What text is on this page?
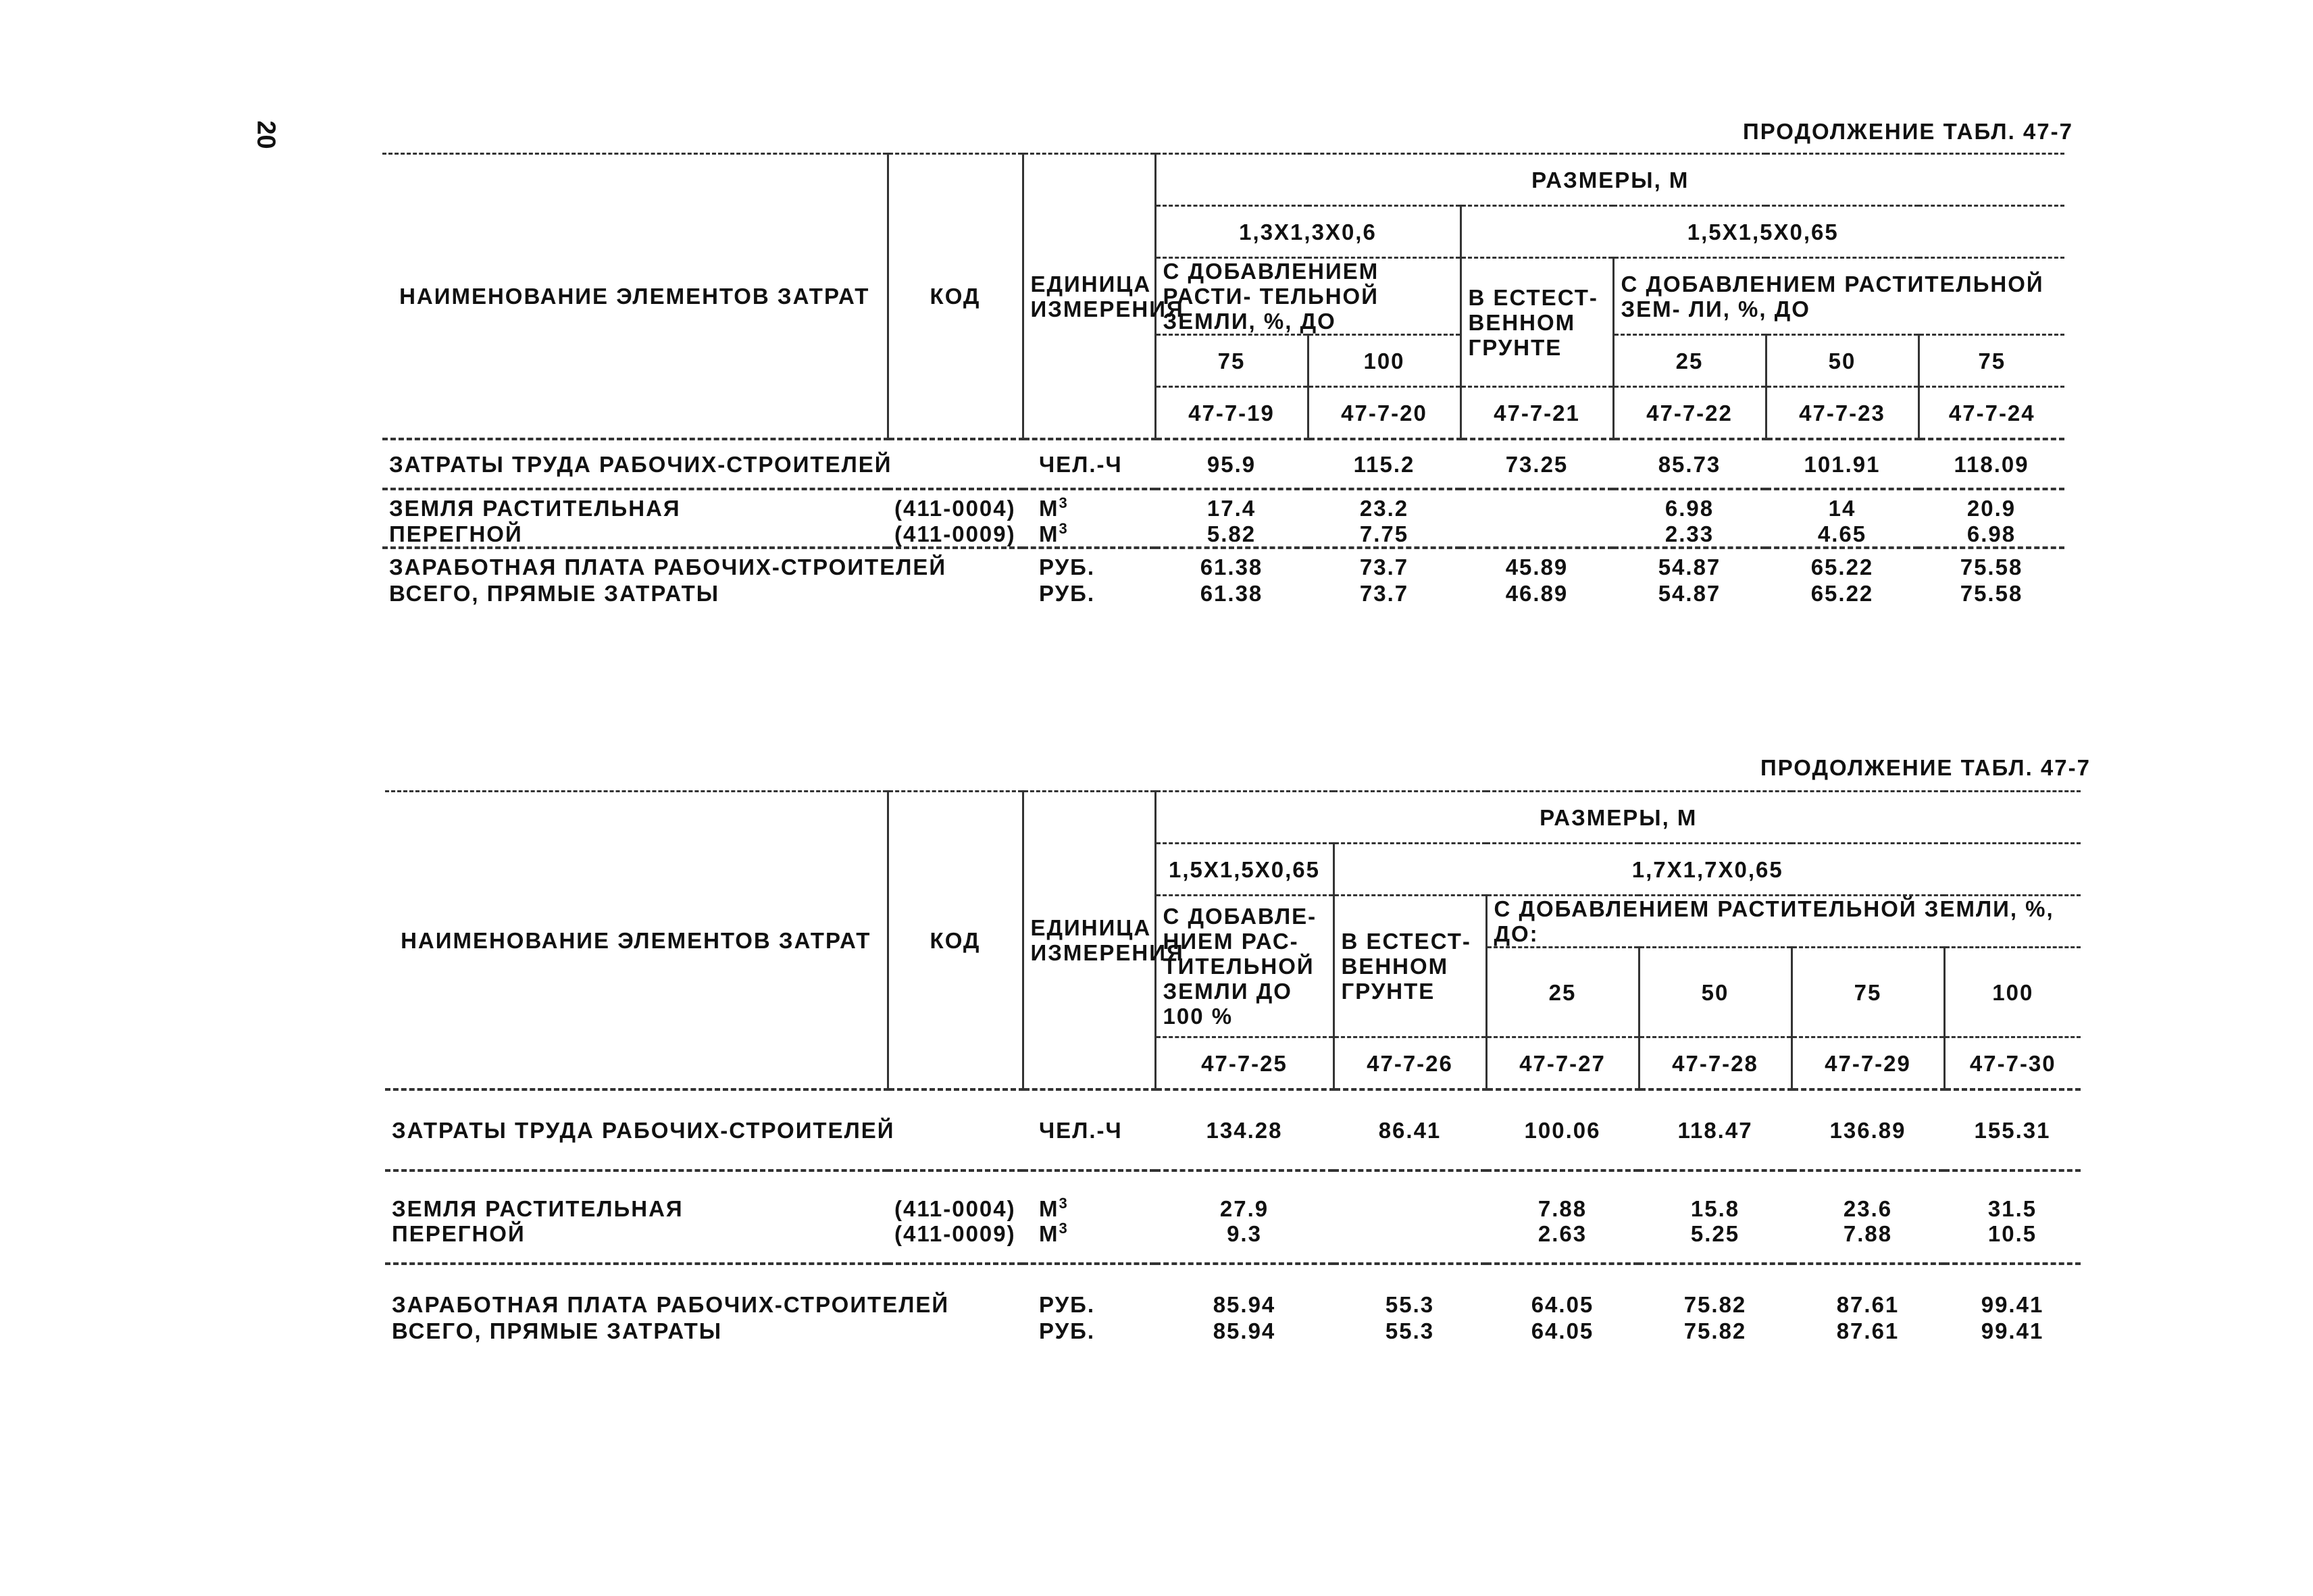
20	ПРОДОЛЖЕНИЕ ТАБЛ. 47-7
НАИМЕНОВАНИЕ ЭЛЕМЕНТОВ ЗАТРАТ	КОД	ЕДИНИЦА ИЗМЕРЕНИЯ	РАЗМЕРЫ, М					
			1,3Х1,3Х0,6		1,5Х1,5Х0,65			
			С ДОБАВЛЕНИЕМ РАСТИ- ТЕЛЬНОЙ ЗЕМЛИ, %, ДО		В ЕСТЕСТ- ВЕННОМ ГРУНТЕ	С ДОБАВЛЕНИЕМ РАСТИТЕЛЬНОЙ ЗЕМ- ЛИ, %, ДО		
			75	100		25	50	75
			47-7-19	47-7-20	47-7-21	47-7-22	47-7-23	47-7-24
ЗАТРАТЫ ТРУДА РАБОЧИХ-СТРОИТЕЛЕЙ		ЧЕЛ.-Ч	95.9	115.2	73.25	85.73	101.91	118.09
ЗЕМЛЯ РАСТИТЕЛЬНАЯ	(411-0004)	$М^3$	17.4	23.2		6.98	14	20.9
ПЕРЕГНОЙ	(411-0009)	$М^3$	5.82	7.75		2.33	4.65	6.98
ЗАРАБОТНАЯ ПЛАТА РАБОЧИХ-СТРОИТЕЛЕЙ		РУБ.	61.38	73.7	45.89	54.87	65.22	75.58
ВСЕГО, ПРЯМЫЕ ЗАТРАТЫ		РУБ.	61.38	73.7	46.89	54.87	65.22	75.58
ПРОДОЛЖЕНИЕ ТАБЛ. 47-7
НАИМЕНОВАНИЕ ЭЛЕМЕНТОВ ЗАТРАТ	КОД	ЕДИНИЦА ИЗМЕРЕНИЯ	РАЗМЕРЫ, М					
			1,5Х1,5Х0,65	1,7Х1,7Х0,65				
			С ДОБАВЛЕ- НИЕМ РАС- ТИТЕЛЬНОЙ ЗЕМЛИ ДО 100 %	В ЕСТЕСТ- ВЕННОМ ГРУНТЕ	С ДОБАВЛЕНИЕМ РАСТИТЕЛЬНОЙ ЗЕМЛИ, %, ДО:			
					25	50	75	100
			47-7-25	47-7-26	47-7-27	47-7-28	47-7-29	47-7-30
ЗАТРАТЫ ТРУДА РАБОЧИХ-СТРОИТЕЛЕЙ		ЧЕЛ.-Ч	134.28	86.41	100.06	118.47	136.89	155.31
ЗЕМЛЯ РАСТИТЕЛЬНАЯ	(411-0004)	$М^3$	27.9		7.88	15.8	23.6	31.5
ПЕРЕГНОЙ	(411-0009)	$М^3$	9.3		2.63	5.25	7.88	10.5
ЗАРАБОТНАЯ ПЛАТА РАБОЧИХ-СТРОИТЕЛЕЙ		РУБ.	85.94	55.3	64.05	75.82	87.61	99.41
ВСЕГО, ПРЯМЫЕ ЗАТРАТЫ		РУБ.	85.94	55.3	64.05	75.82	87.61	99.41
